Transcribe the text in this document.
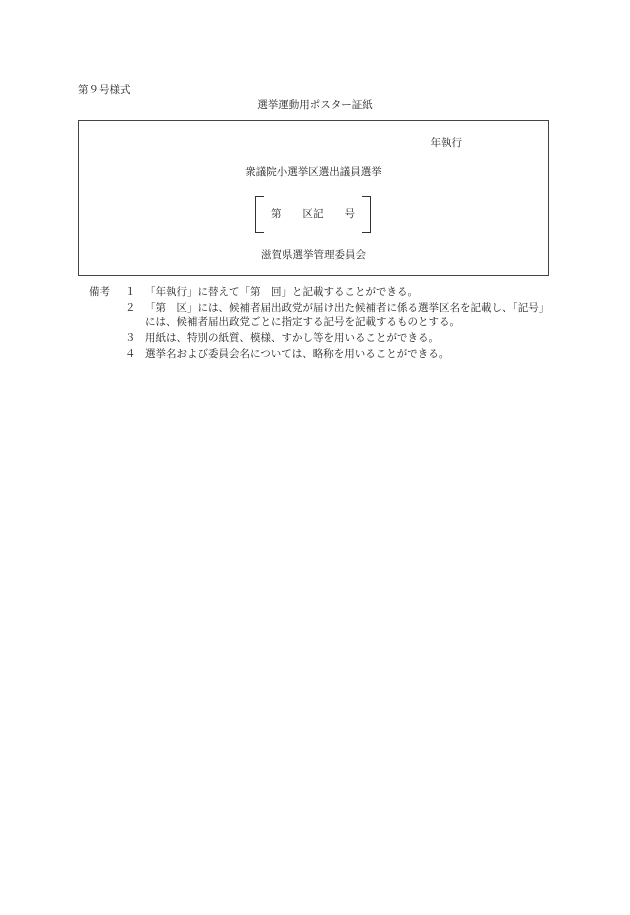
第９号様式
選挙運動用ポスター証紙
年執行
衆議院小選挙区選出議員選挙
第　　区記　　号
滋賀県選挙管理委員会
備考	１ 「年執行」に替えて「第　回」と記載することができる。
２ 「第　区」には、候補者届出政党が届け出た候補者に係る選挙区名を記載し、「記号」には、候補者届出政党ごとに指定する記号を記載するものとする。
３ 用紙は、特別の紙質、模様、すかし等を用いることができる。
４ 選挙名および委員会名については、略称を用いることができる。
